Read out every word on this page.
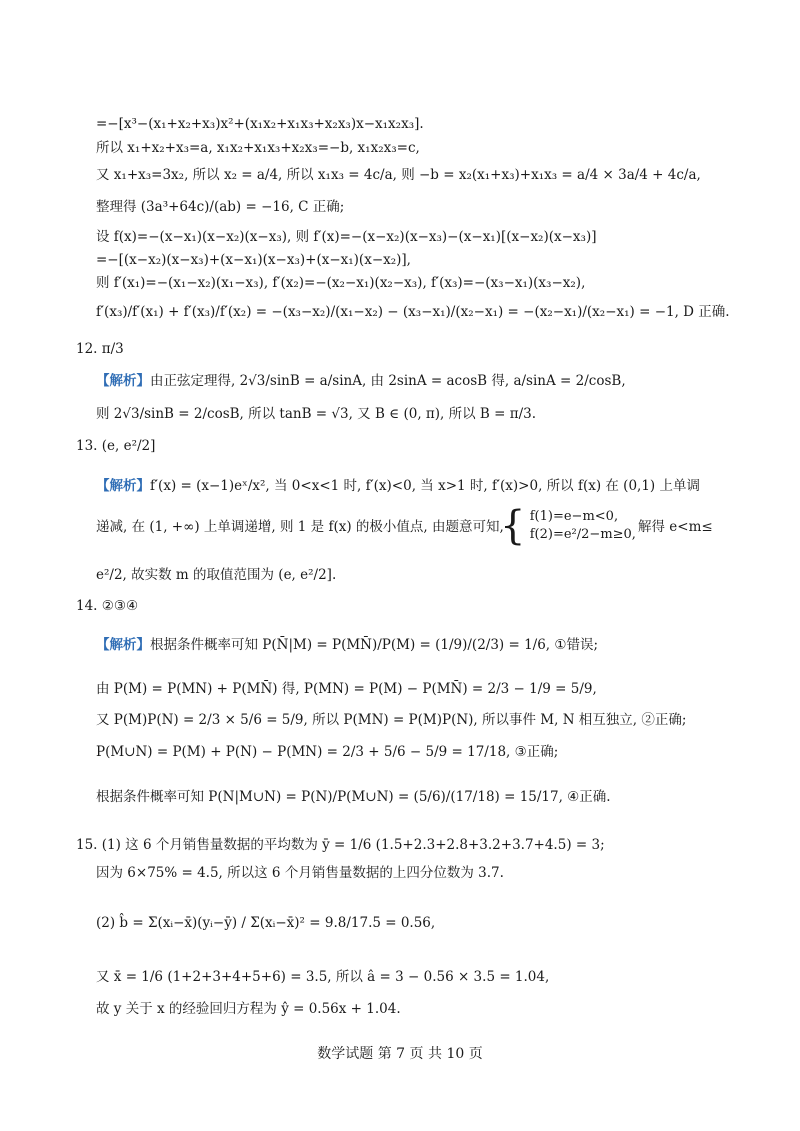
=−[x³−(x₁+x₂+x₃)x²+(x₁x₂+x₁x₃+x₂x₃)x−x₁x₂x₃].
所以 x₁+x₂+x₃=a, x₁x₂+x₁x₃+x₂x₃=−b, x₁x₂x₃=c,
又 x₁+x₃=3x₂, 所以 x₂ = a/4, 所以 x₁x₃ = 4c/a, 则 −b = x₂(x₁+x₃)+x₁x₃ = a/4 × 3a/4 + 4c/a,
整理得 (3a³+64c)/(ab) = −16, C 正确;
设 f(x)=−(x−x₁)(x−x₂)(x−x₃), 则 f′(x)=−(x−x₂)(x−x₃)−(x−x₁)[(x−x₂)(x−x₃)]
=−[(x−x₂)(x−x₃)+(x−x₁)(x−x₃)+(x−x₁)(x−x₂)],
则 f′(x₁)=−(x₁−x₂)(x₁−x₃), f′(x₂)=−(x₂−x₁)(x₂−x₃), f′(x₃)=−(x₃−x₁)(x₃−x₂),
f′(x₃)/f′(x₁) + f′(x₃)/f′(x₂) = −(x₃−x₂)/(x₁−x₂) − (x₃−x₁)/(x₂−x₁) = −(x₂−x₁)/(x₂−x₁) = −1, D 正确.
12. π/3
【解析】由正弦定理得, 2√3/sinB = a/sinA, 由 2sinA = acosB 得, a/sinA = 2/cosB,
则 2√3/sinB = 2/cosB, 所以 tanB = √3, 又 B ∈ (0, π), 所以 B = π/3.
13. (e, e²/2]
【解析】f′(x) = (x−1)eˣ/x², 当 0<x<1 时, f′(x)<0, 当 x>1 时, f′(x)>0, 所以 f(x) 在 (0,1) 上单调
递减, 在 (1, +∞) 上单调递增, 则 1 是 f(x) 的极小值点, 由题意可知,
{ f(1)=e−m<0,
f(2)=e²/2−m≥0, 解得 e<m≤
e²/2, 故实数 m 的取值范围为 (e, e²/2].
14. ②③④
【解析】根据条件概率可知 P(N̄|M) = P(MN̄)/P(M) = (1/9)/(2/3) = 1/6, ①错误;
由 P(M) = P(MN) + P(MN̄) 得, P(MN) = P(M) − P(MN̄) = 2/3 − 1/9 = 5/9,
又 P(M)P(N) = 2/3 × 5/6 = 5/9, 所以 P(MN) = P(M)P(N), 所以事件 M, N 相互独立, ②正确;
P(M∪N) = P(M) + P(N) − P(MN) = 2/3 + 5/6 − 5/9 = 17/18, ③正确;
根据条件概率可知 P(N|M∪N) = P(N)/P(M∪N) = (5/6)/(17/18) = 15/17, ④正确.
15. (1) 这 6 个月销售量数据的平均数为 ȳ = 1/6 (1.5+2.3+2.8+3.2+3.7+4.5) = 3;
因为 6×75% = 4.5, 所以这 6 个月销售量数据的上四分位数为 3.7.
(2) b̂ = Σ(xᵢ−x̄)(yᵢ−ȳ) / Σ(xᵢ−x̄)² = 9.8/17.5 = 0.56,
又 x̄ = 1/6 (1+2+3+4+5+6) = 3.5, 所以 â = 3 − 0.56 × 3.5 = 1.04,
故 y 关于 x 的经验回归方程为 ŷ = 0.56x + 1.04.
数学试题 第 7 页 共 10 页
